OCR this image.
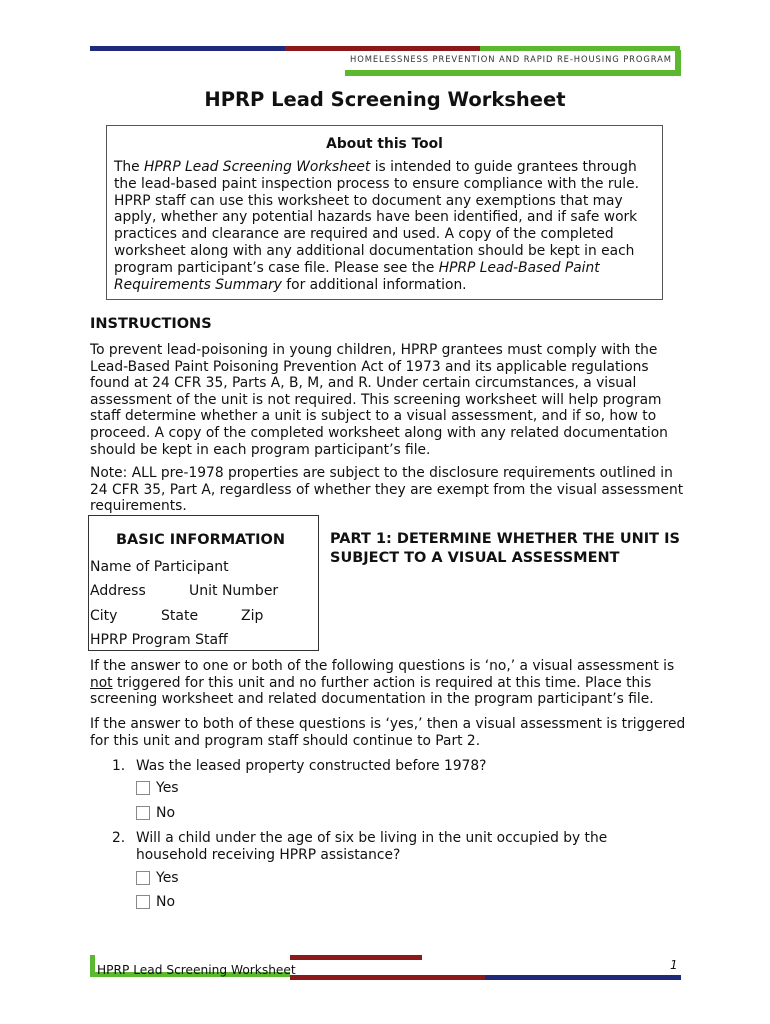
HOMELESSNESS PREVENTION AND RAPID RE-HOUSING PROGRAM
HPRP Lead Screening Worksheet
About this Tool

The HPRP Lead Screening Worksheet is intended to guide grantees through the lead-based paint inspection process to ensure compliance with the rule. HPRP staff can use this worksheet to document any exemptions that may apply, whether any potential hazards have been identified, and if safe work practices and clearance are required and used. A copy of the completed worksheet along with any additional documentation should be kept in each program participant’s case file. Please see the HPRP Lead-Based Paint Requirements Summary for additional information.

INSTRUCTIONS

To prevent lead-poisoning in young children, HPRP grantees must comply with the Lead-Based Paint Poisoning Prevention Act of 1973 and its applicable regulations found at 24 CFR 35, Parts A, B, M, and R. Under certain circumstances, a visual assessment of the unit is not required. This screening worksheet will help program staff determine whether a unit is subject to a visual assessment, and if so, how to proceed. A copy of the completed worksheet along with any related documentation should be kept in each program participant’s file.

Note: ALL pre-1978 properties are subject to the disclosure requirements outlined in 24 CFR 35, Part A, regardless of whether they are exempt from the visual assessment requirements.

BASIC INFORMATION
Name of Participant
Address	Unit Number
City	State	Zip
HPRP Program Staff

PART 1: DETERMINE WHETHER THE UNIT IS SUBJECT TO A VISUAL ASSESSMENT

If the answer to one or both of the following questions is ‘no,’ a visual assessment is not triggered for this unit and no further action is required at this time. Place this screening worksheet and related documentation in the program participant’s file.

If the answer to both of these questions is ‘yes,’ then a visual assessment is triggered for this unit and program staff should continue to Part 2.

1. Was the leased property constructed before 1978?
Yes
No
2. Will a child under the age of six be living in the unit occupied by the household receiving HPRP assistance?
Yes
No
HPRP Lead Screening Worksheet	1
